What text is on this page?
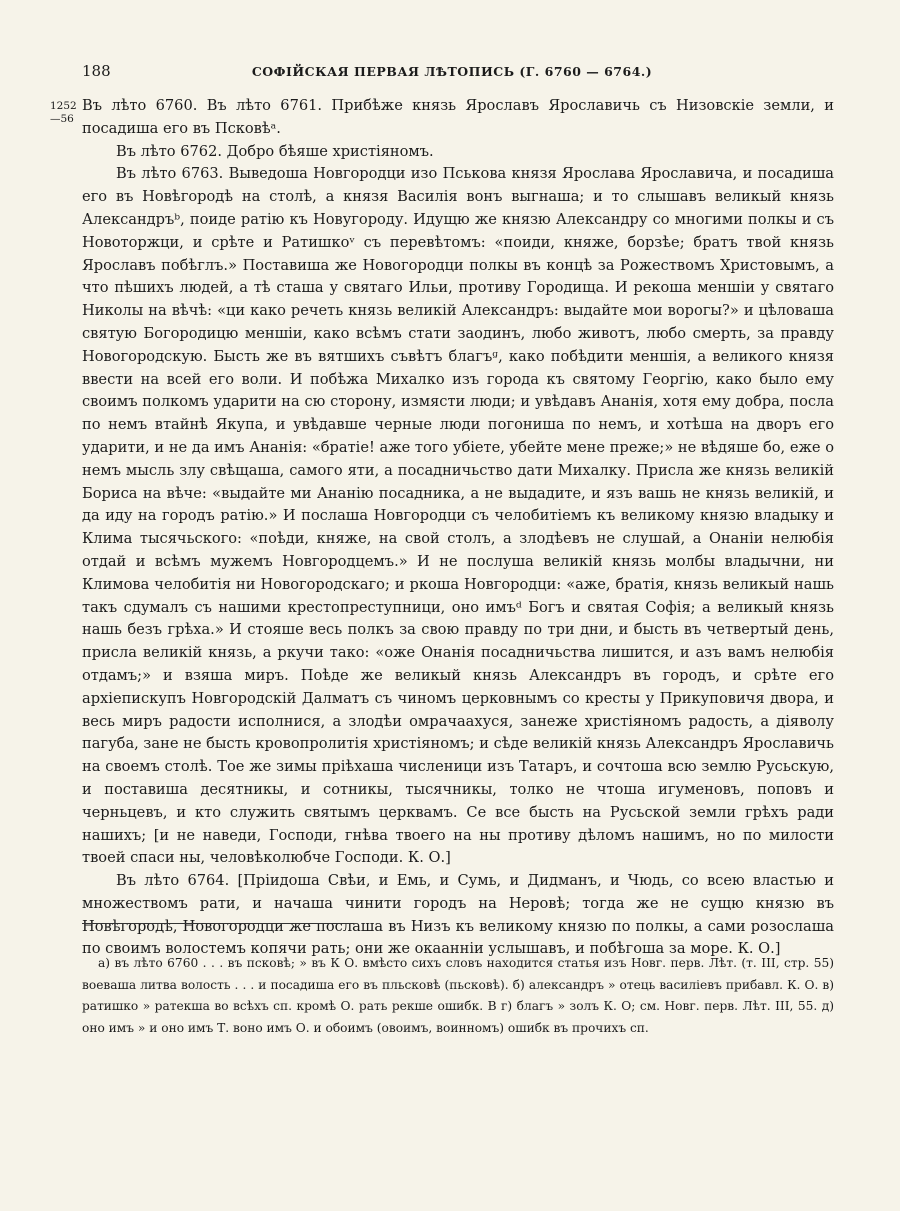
188	СОФІЙСКАЯ ПЕРВАЯ ЛѢТОПИСЬ (Г. 6760 — 6764.)
1252
—56

Въ лѣто 6760. Въ лѣто 6761. Прибѣже князь Ярославъ Ярославичь съ Низовскіе земли, и посадиша его въ Псковѣᵃ.

Въ лѣто 6762. Добро бѣяше христіяномъ.

Въ лѣто 6763. Выведоша Новгородци изо Пськова князя Ярослава Ярославича, и посадиша его въ Новѣгородѣ на столѣ, а князя Василія вонъ выгнаша; и то слышавъ великый князь Александръᵇ, поиде ратію къ Новугороду. Идущю же князю Александру со многими полкы и съ Новоторжци, и срѣте и Ратишкоᵛ съ перевѣтомъ: «поиди, княже, борзѣе; братъ твой князь Ярославъ побѣглъ.» Поставиша же Новогородци полкы въ концѣ за Рожествомъ Христовымъ, а что пѣшихъ людей, а тѣ сташа у святаго Ильи, противу Городища. И рекоша меншіи у святаго Николы на вѣчѣ: «ци како речеть князь великій Александръ: выдайте мои ворогы?» и цѣловаша святую Богородицю меншіи, како всѣмъ стати заодинъ, любо животъ, любо смерть, за правду Новогородскую. Бысть же въ вятшихъ съвѣтъ благъᶢ, како побѣдити меншія, а великого князя ввести на всей его воли. И побѣжа Михалко изъ города къ святому Георгію, како было ему своимъ полкомъ ударити на сю сторону, измясти люди; и увѣдавъ Ананія, хотя ему добра, посла по немъ втайнѣ Якупа, и увѣдавше черные люди погониша по немъ, и хотѣша на дворъ его ударити, и не да имъ Ананія: «братіе! аже того убіете, убейте мене преже;» не вѣдяше бо, еже о немъ мысль злу свѣщаша, самого яти, а посадничьство дати Михалку. Присла же князь великій Бориса на вѣче: «выдайте ми Ананію посадника, а не выдадите, и язъ вашь не князь великій, и да иду на городъ ратію.» И послаша Новгородци съ челобитіемъ къ великому князю владыку и Клима тысячьского: «поѣди, княже, на свой столъ, а злодѣевъ не слушай, а Онаніи нелюбія отдай и всѣмъ мужемъ Новгородцемъ.» И не послуша великій князь молбы владычни, ни Климова челобитія ни Новогородскаго; и ркоша Новгородци: «аже, братія, князь великый нашь такъ сдумалъ съ нашими крестопреступници, оно имъᵈ Богъ и святая Софія; а великый князь нашь безъ грѣха.» И стояше весь полкъ за свою правду по три дни, и бысть въ четвертый день, присла великій князь, а ркучи тако: «оже Онанія посадничьства лишится, и азъ вамъ нелюбія отдамъ;» и взяша миръ. Поѣде же великый князь Александръ въ городъ, и срѣте его архіепискупъ Новгородскій Далматъ съ чиномъ церковнымъ со кресты у Прикуповичя двора, и весь миръ радости исполнися, а злодѣи омрачаахуся, занеже христіяномъ радость, а діяволу пагуба, зане не бысть кровопролитія христіяномъ; и сѣде великій князь Александръ Ярославичь на своемъ столѣ. Тое же зимы пріѣхаша численици изъ Татаръ, и сочтоша всю землю Русьскую, и поставиша десятникы, и сотникы, тысячникы, толко не чтоша игуменовъ, поповъ и черньцевъ, и кто служить святымъ церквамъ. Се все бысть на Русьской земли грѣхъ ради нашихъ; [и не наведи, Господи, гнѣва твоего на ны противу дѣломъ нашимъ, но по милости твоей спаси ны, человѣколюбче Господи. К. О.]

Въ лѣто 6764. [Пріидоша Свѣи, и Емь, и Сумь, и Дидманъ, и Чюдь, со всею властью и множествомъ рати, и начаша чинити городъ на Неровѣ; тогда же не сущю князю въ Новѣгородѣ, Новогородци же послаша въ Низъ къ великому князю по полкы, а сами розослаша по своимъ волостемъ копячи рать; они же окаанніи услышавъ, и побѣгоша за море. К. О.]

а) въ лѣто 6760 . . . въ псковѣ; » въ К О. вмѣсто сихъ словъ находится статья изъ Новг. перв. Лѣт. (т. III, стр. 55) воеваша литва волость . . . и посадиша его въ пльсковѣ (пьсковѣ). б) александръ » отець василіевъ прибавл. К. О. в) ратишко » ратекша во всѣхъ сп. кромѣ О. рать рекше ошибк. В г) благъ » золъ К. О; см. Новг. перв. Лѣт. III, 55. д) оно имъ » и оно имъ Т. воно имъ О. и обоимъ (овоимъ, воинномъ) ошибк въ прочихъ сп.
